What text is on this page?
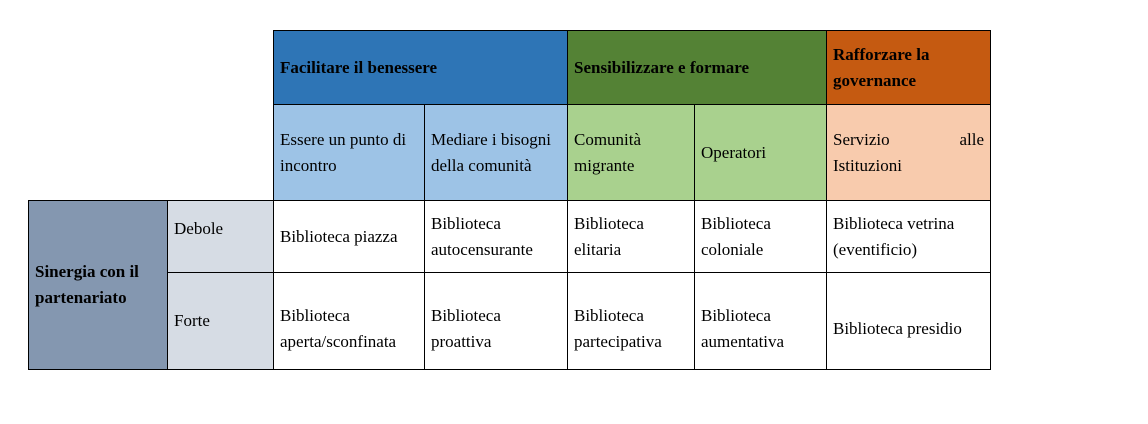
		Facilitare il benessere		Sensibilizzare e formare		Rafforzare la governance
		Essere un punto di incontro	Mediare i bisogni della comunità	Comunità migrante	Operatori	Servizio alle Istituzioni

Sinergia con il partenariato	Debole	Biblioteca piazza	Biblioteca autocensurante	Biblioteca elitaria	Biblioteca coloniale	Biblioteca vetrina (eventificio)
	Forte	Biblioteca aperta/sconfinata	Biblioteca proattiva	Biblioteca partecipativa	Biblioteca aumentativa	Biblioteca presidio
